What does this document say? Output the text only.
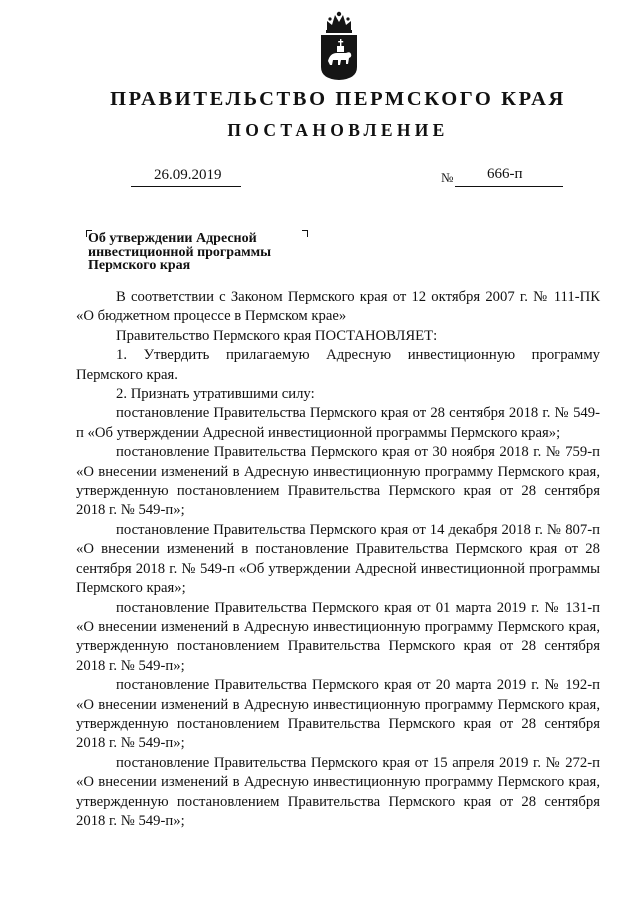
ПРАВИТЕЛЬСТВО ПЕРМСКОГО КРАЯ
ПОСТАНОВЛЕНИЕ
26.09.2019	№ 666-п
Об утверждении Адресной
инвестиционной программы
Пермского края

В соответствии с Законом Пермского края от 12 октября 2007 г. № 111-ПК «О бюджетном процессе в Пермском крае»

Правительство Пермского края ПОСТАНОВЛЯЕТ:

1. Утвердить прилагаемую Адресную инвестиционную программу Пермского края.

2. Признать утратившими силу:

постановление Правительства Пермского края от 28 сентября 2018 г. № 549-п «Об утверждении Адресной инвестиционной программы Пермского края»;

постановление Правительства Пермского края от 30 ноября 2018 г. № 759-п «О внесении изменений в Адресную инвестиционную программу Пермского края, утвержденную постановлением Правительства Пермского края от 28 сентября 2018 г. № 549-п»;

постановление Правительства Пермского края от 14 декабря 2018 г. № 807-п «О внесении изменений в постановление Правительства Пермского края от 28 сентября 2018 г. № 549-п «Об утверждении Адресной инвестиционной программы Пермского края»;

постановление Правительства Пермского края от 01 марта 2019 г. № 131-п «О внесении изменений в Адресную инвестиционную программу Пермского края, утвержденную постановлением Правительства Пермского края от 28 сентября 2018 г. № 549-п»;

постановление Правительства Пермского края от 20 марта 2019 г. № 192-п «О внесении изменений в Адресную инвестиционную программу Пермского края, утвержденную постановлением Правительства Пермского края от 28 сентября 2018 г. № 549-п»;

постановление Правительства Пермского края от 15 апреля 2019 г. № 272-п «О внесении изменений в Адресную инвестиционную программу Пермского края, утвержденную постановлением Правительства Пермского края от 28 сентября 2018 г. № 549-п»;
